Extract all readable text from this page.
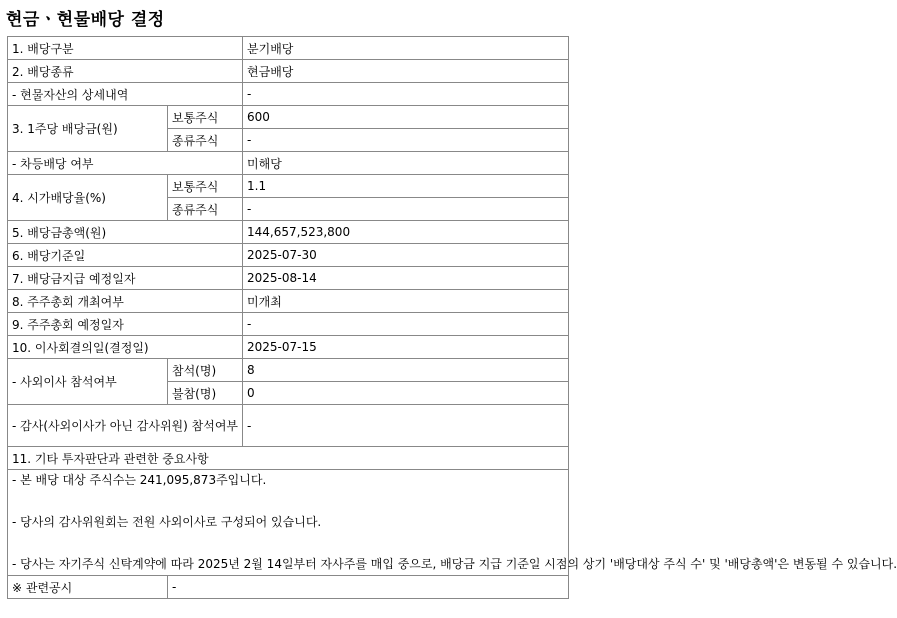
현금ㆍ현물배당 결정
1. 배당구분		분기배당
2. 배당종류		현금배당
- 현물자산의 상세내역		-
3. 1주당 배당금(원)	보통주식	600
	종류주식	-
- 차등배당 여부		미해당
4. 시가배당율(%)	보통주식	1.1
	종류주식	-
5. 배당금총액(원)		144,657,523,800
6. 배당기준일		2025-07-30
7. 배당금지급 예정일자		2025-08-14
8. 주주총회 개최여부		미개최
9. 주주총회 예정일자		-
10. 이사회결의일(결정일)		2025-07-15
- 사외이사 참석여부	참석(명)	8
	불참(명)	0
- 감사(사외이사가 아닌 감사위원) 참석여부		-
11. 기타 투자판단과 관련한 중요사항		

- 본 배당 대상 주식수는 241,095,873주입니다.
- 당사의 감사위원회는 전원 사외이사로 구성되어 있습니다.
- 당사는 자기주식 신탁계약에 따라 2025년 2월 14일부터 자사주를 매입 중으로, 배당금 지급 기준일 시점의 상기 '배당대상 주식 수' 및 '배당총액'은 변동될 수 있습니다.		

※ 관련공시	-	
